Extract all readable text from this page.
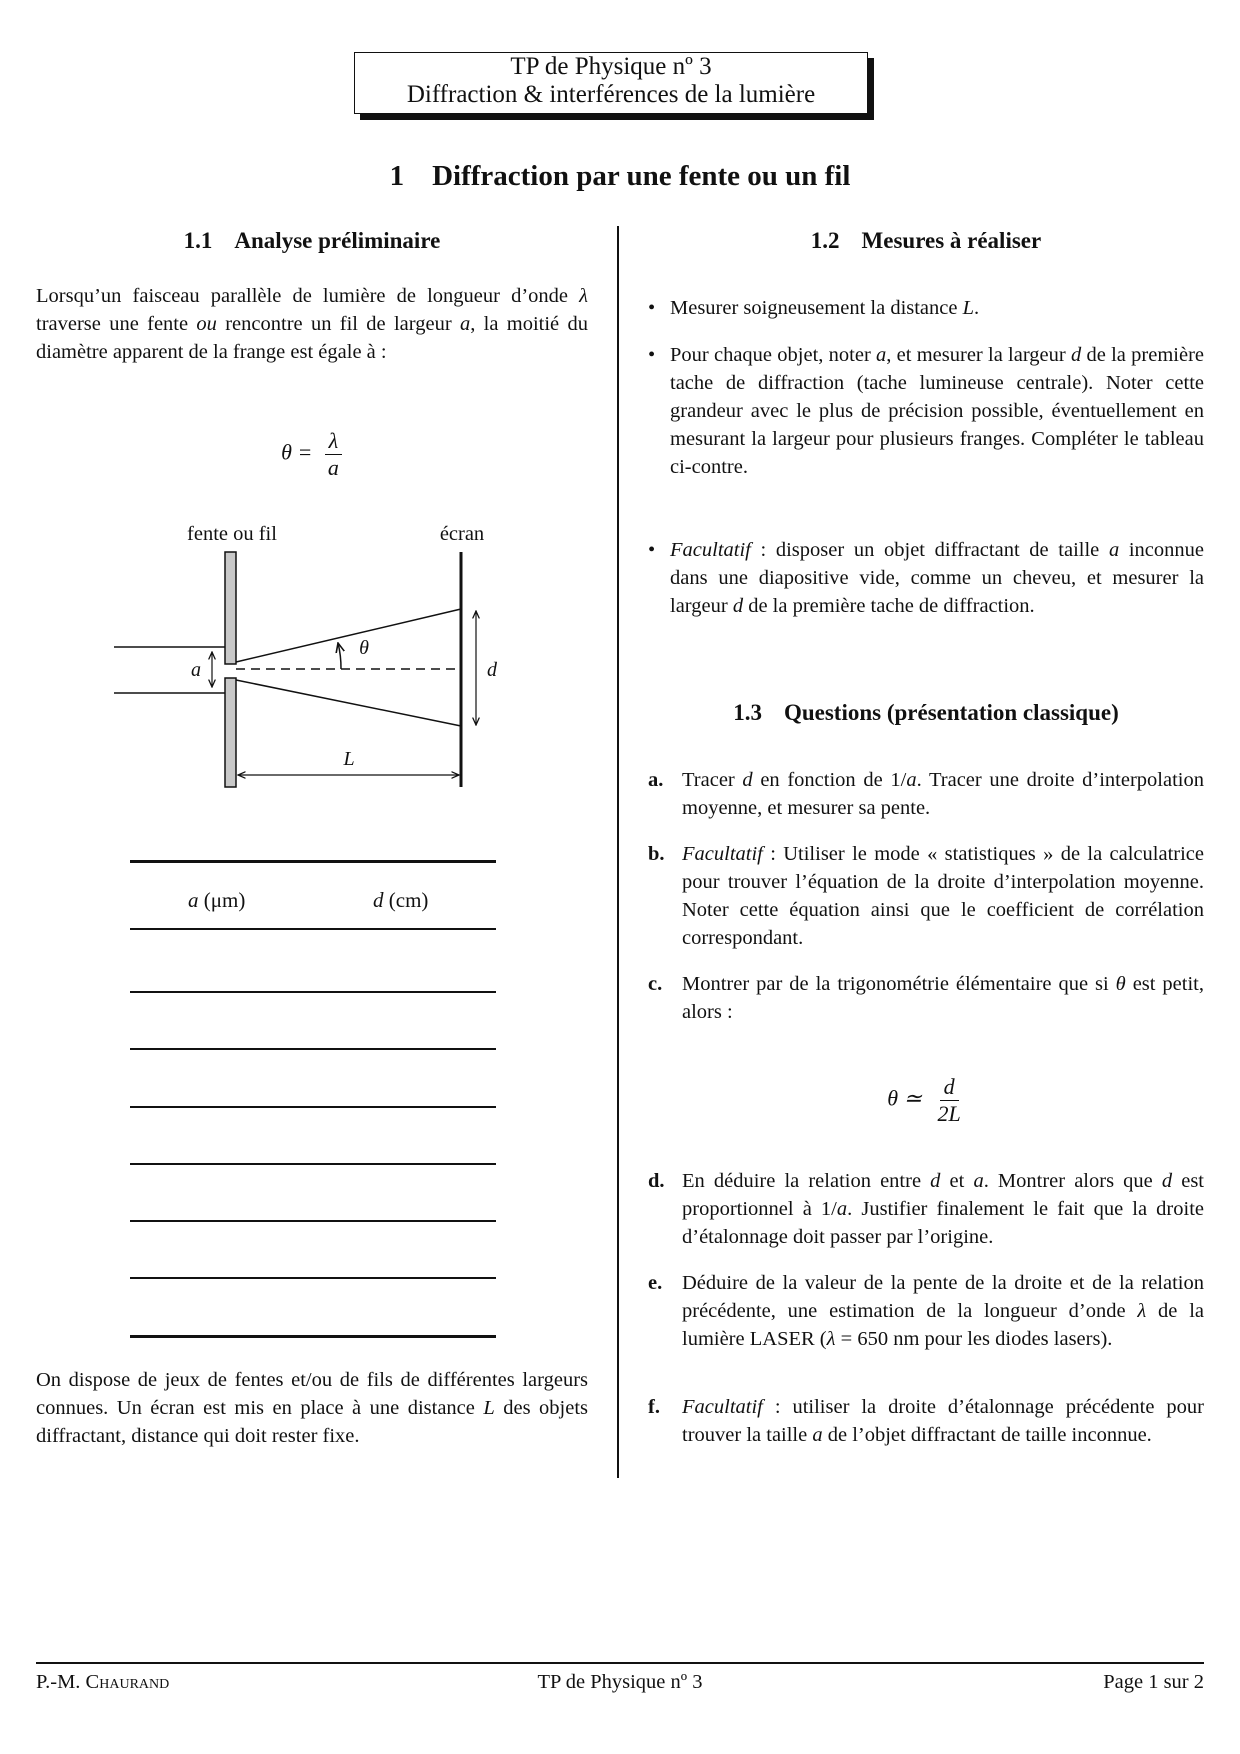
TP de Physique nº 3
Diffraction & interférences de la lumière
1 Diffraction par une fente ou un fil
1.1 Analyse préliminaire

Lorsqu’un faisceau parallèle de lumière de longueur d’onde λ traverse une fente ou rencontre un fil de largeur a, la moitié du diamètre apparent de la frange est égale à :

$\theta = \frac{\lambda}{a}$
fente ou fil	écran
θ
a	d
L
a (μm)	d (cm)

On dispose de jeux de fentes et/ou de fils de différentes largeurs connues. Un écran est mis en place à une distance L des objets diffractant, distance qui doit rester fixe.

1.2 Mesures à réaliser
• Mesurer soigneusement la distance L.
• Pour chaque objet, noter a, et mesurer la largeur d de la première tache de diffraction (tache lumineuse centrale). Noter cette grandeur avec le plus de précision possible, éventuellement en mesurant la largeur pour plusieurs franges. Compléter le tableau ci-contre.
• Facultatif : disposer un objet diffractant de taille a inconnue dans une diapositive vide, comme un cheveu, et mesurer la largeur d de la première tache de diffraction.
1.3 Questions (présentation classique)
a. Tracer d en fonction de 1/a. Tracer une droite d’interpolation moyenne, et mesurer sa pente.
b. Facultatif : Utiliser le mode « statistiques » de la calculatrice pour trouver l’équation de la droite d’interpolation moyenne. Noter cette équation ainsi que le coefficient de corrélation correspondant.
c. Montrer par de la trigonométrie élémentaire que si θ est petit, alors :
d. En déduire la relation entre d et a. Montrer alors que d est proportionnel à 1/a. Justifier finalement le fait que la droite d’étalonnage doit passer par l’origine.
e. Déduire de la valeur de la pente de la droite et de la relation précédente, une estimation de la longueur d’onde λ de la lumière LASER (λ = 650 nm pour les diodes lasers).
f. Facultatif : utiliser la droite d’étalonnage précédente pour trouver la taille a de l’objet diffractant de taille inconnue.
θ ≃ $\frac{d}{2L}$
P.-M. Chaurand	TP de Physique nº 3	Page 1 sur 2
